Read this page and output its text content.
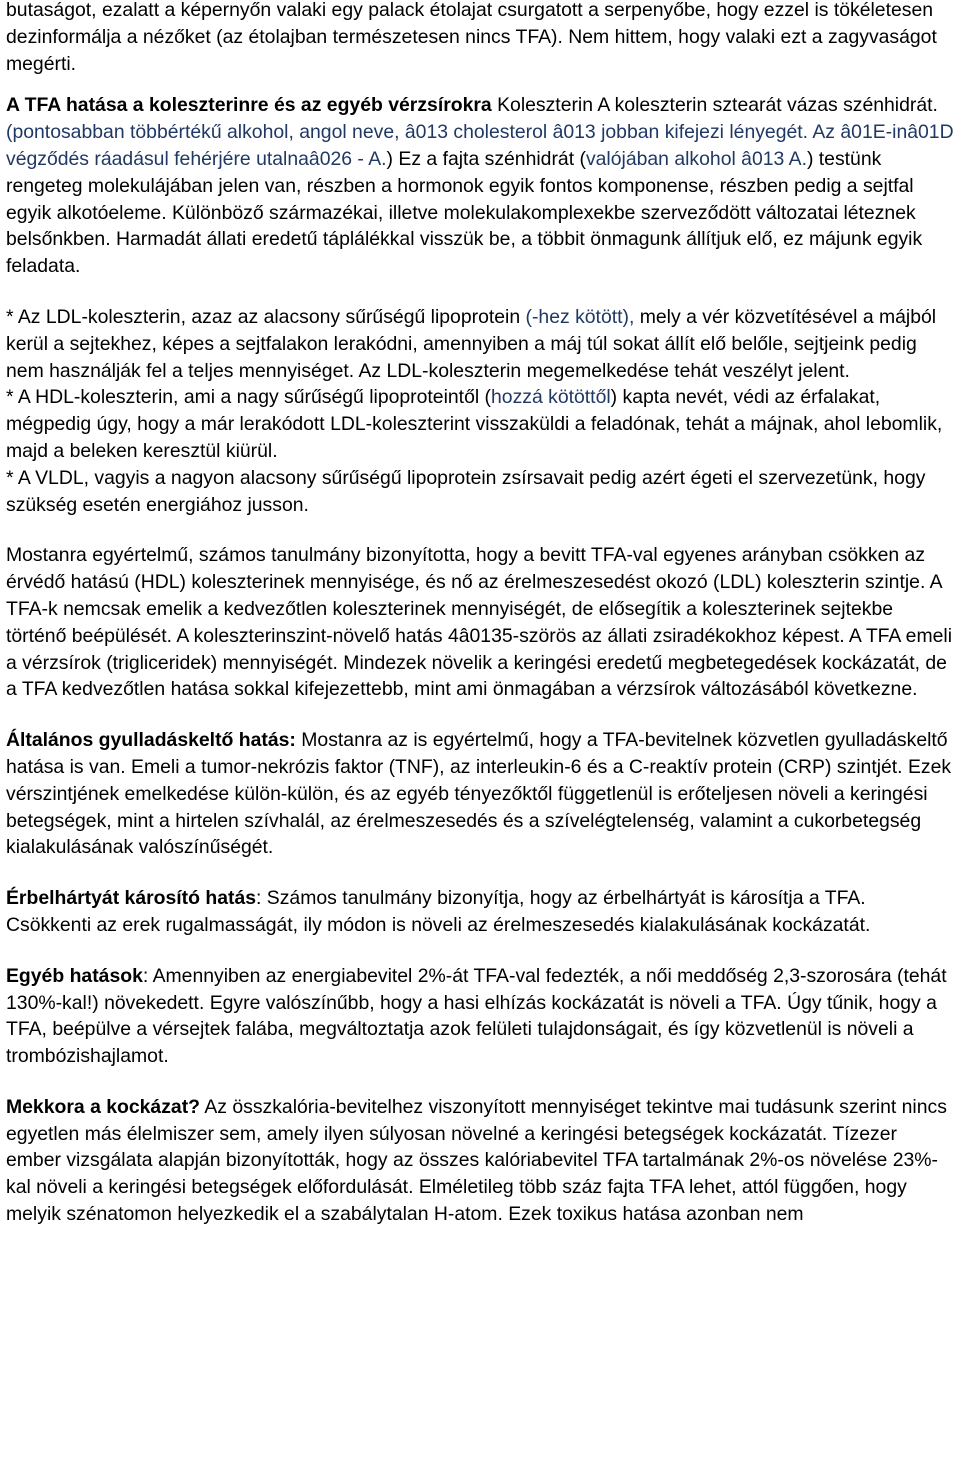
butaságot, ezalatt a képernyőn valaki egy palack étolajat csurgatott a serpenyőbe, hogy ezzel is tökéletesen dezinformálja a nézőket (az étolajban természetesen nincs TFA). Nem hittem, hogy valaki ezt a zagyvaságot megérti.

A TFA hatása a koleszterinre és az egyéb vérzsírokra Koleszterin A koleszterin sztearát vázas szénhidrát. (pontosabban többértékű alkohol, angol neve, â013 cholesterol â013 jobban kifejezi lényegét. Az â01E-inâ01D végződés ráadásul fehérjére utalnaâ026 - A.) Ez a fajta szénhidrát (valójában alkohol â013 A.) testünk rengeteg molekulájában jelen van, részben a hormonok egyik fontos komponense, részben pedig a sejtfal egyik alkotóeleme. Különböző származékai, illetve molekulakomplexekbe szerveződött változatai léteznek belsőnkben. Harmadát állati eredetű táplálékkal visszük be, a többit önmagunk állítjuk elő, ez májunk egyik feladata.

* Az LDL-koleszterin, azaz az alacsony sűrűségű lipoprotein (-hez kötött), mely a vér közvetítésével a májból kerül a sejtekhez, képes a sejtfalakon lerakódni, amennyiben a máj túl sokat állít elő belőle, sejtjeink pedig nem használják fel a teljes mennyiséget. Az LDL-koleszterin megemelkedése tehát veszélyt jelent.

* A HDL-koleszterin, ami a nagy sűrűségű lipoproteintől (hozzá kötöttől) kapta nevét, védi az érfalakat, mégpedig úgy, hogy a már lerakódott LDL-koleszterint visszaküldi a feladónak, tehát a májnak, ahol lebomlik, majd a beleken keresztül kiürül.

* A VLDL, vagyis a nagyon alacsony sűrűségű lipoprotein zsírsavait pedig azért égeti el szervezetünk, hogy szükség esetén energiához jusson.

Mostanra egyértelmű, számos tanulmány bizonyította, hogy a bevitt TFA-val egyenes arányban csökken az érvédő hatású (HDL) koleszterinek mennyisége, és nő az érelmeszesedést okozó (LDL) koleszterin szintje. A TFA-k nemcsak emelik a kedvezőtlen koleszterinek mennyiségét, de elősegítik a koleszterinek sejtekbe történő beépülését. A koleszterinszint-növelő hatás 4â0135-szörös az állati zsiradékokhoz képest. A TFA emeli a vérzsírok (trigliceridek) mennyiségét. Mindezek növelik a keringési eredetű megbetegedések kockázatát, de a TFA kedvezőtlen hatása sokkal kifejezettebb, mint ami önmagában a vérzsírok változásából következne.

Általános gyulladáskeltő hatás: Mostanra az is egyértelmű, hogy a TFA-bevitelnek közvetlen gyulladáskeltő hatása is van. Emeli a tumor-nekrózis faktor (TNF), az interleukin-6 és a C-reaktív protein (CRP) szintjét. Ezek vérszintjének emelkedése külön-külön, és az egyéb tényezőktől függetlenül is erőteljesen növeli a keringési betegségek, mint a hirtelen szívhalál, az érelmeszesedés és a szívelégtelenség, valamint a cukorbetegség kialakulásának valószínűségét.

Érbelhártyát károsító hatás: Számos tanulmány bizonyítja, hogy az érbelhártyát is károsítja a TFA. Csökkenti az erek rugalmasságát, ily módon is növeli az érelmeszesedés kialakulásának kockázatát.

Egyéb hatások: Amennyiben az energiabevitel 2%-át TFA-val fedezték, a női meddőség 2,3-szorosára (tehát 130%-kal!) növekedett. Egyre valószínűbb, hogy a hasi elhízás kockázatát is növeli a TFA. Úgy tűnik, hogy a TFA, beépülve a vérsejtek falába, megváltoztatja azok felületi tulajdonságait, és így közvetlenül is növeli a trombózishajlamot.

Mekkora a kockázat? Az összkalória-bevitelhez viszonyított mennyiséget tekintve mai tudásunk szerint nincs egyetlen más élelmiszer sem, amely ilyen súlyosan növelné a keringési betegségek kockázatát. Tízezer ember vizsgálata alapján bizonyították, hogy az összes kalóriabevitel TFA tartalmának 2%-os növelése 23%-kal növeli a keringési betegségek előfordulását. Elméletileg több száz fajta TFA lehet, attól függően, hogy melyik szénatomon helyezkedik el a szabálytalan H-atom. Ezek toxikus hatása azonban nem
